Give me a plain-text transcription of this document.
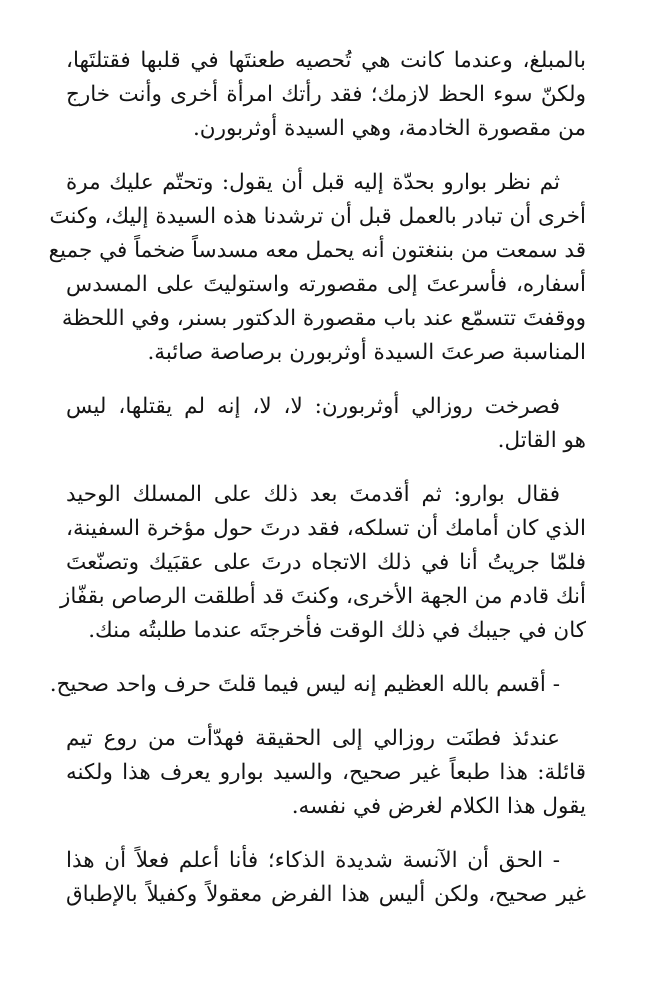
بالمبلغ، وعندما كانت هي تُحصيه طعنتَها في قلبها فقتلتَها،
ولكنّ سوء الحظ لازمك؛ فقد رأتك امرأة أخرى وأنت خارج
من مقصورة الخادمة، وهي السيدة أوثربورن.

ثم نظر بوارو بحدّة إليه قبل أن يقول: وتحتّم عليك مرة
أخرى أن تبادر بالعمل قبل أن ترشدنا هذه السيدة إليك، وكنتَ
قد سمعت من بننغتون أنه يحمل معه مسدساً ضخماً في جميع
أسفاره، فأسرعتَ إلى مقصورته واستوليتَ على المسدس
ووقفتَ تتسمّع عند باب مقصورة الدكتور بسنر، وفي اللحظة
المناسبة صرعتَ السيدة أوثربورن برصاصة صائبة.

فصرخت روزالي أوثربورن: لا، لا، إنه لم يقتلها، ليس
هو القاتل.

فقال بوارو: ثم أقدمتَ بعد ذلك على المسلك الوحيد
الذي كان أمامك أن تسلكه، فقد درتَ حول مؤخرة السفينة،
فلمّا جريتُ أنا في ذلك الاتجاه درتَ على عقبَيك وتصنّعتَ
أنك قادم من الجهة الأخرى، وكنتَ قد أطلقت الرصاص بقفّاز
كان في جيبك في ذلك الوقت فأخرجتَه عندما طلبتُه منك.

- أقسم بالله العظيم إنه ليس فيما قلتَ حرف واحد صحيح.

عندئذ فطنَت روزالي إلى الحقيقة فهدّأت من روع تيم
قائلة: هذا طبعاً غير صحيح، والسيد بوارو يعرف هذا ولكنه
يقول هذا الكلام لغرض في نفسه.

- الحق أن الآنسة شديدة الذكاء؛ فأنا أعلم فعلاً أن هذا
غير صحيح، ولكن أليس هذا الفرض معقولاً وكفيلاً بالإطباق
